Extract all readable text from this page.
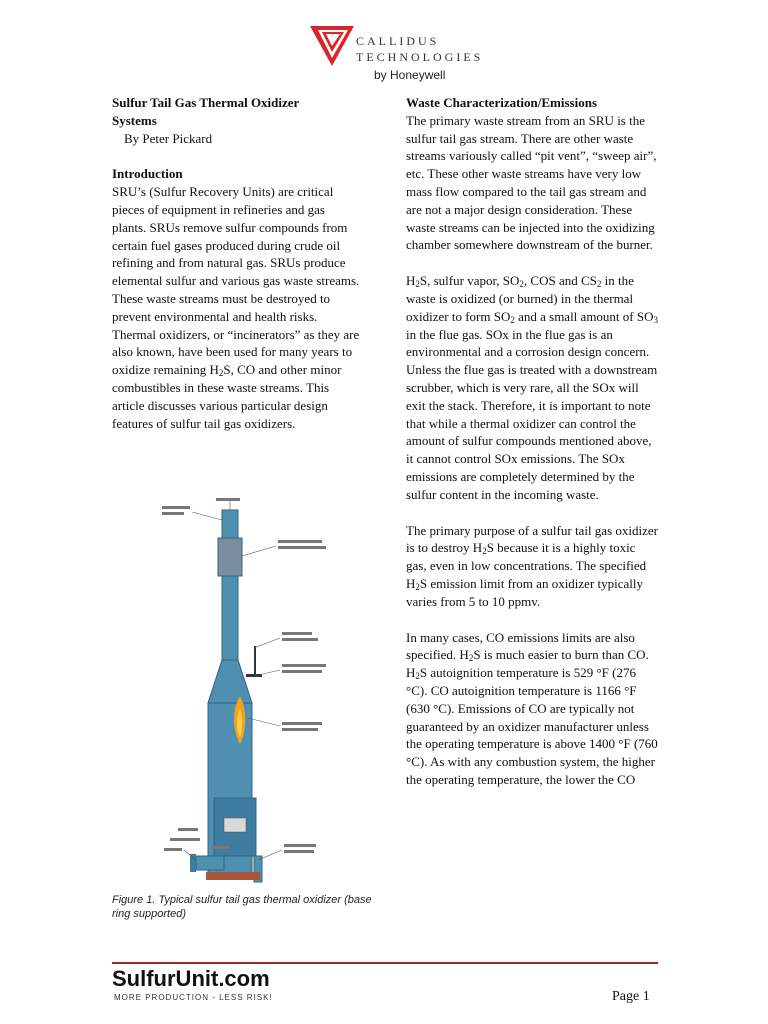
CALLIDUS
TECHNOLOGIES
by Honeywell

Sulfur Tail Gas Thermal Oxidizer

Systems

By Peter Pickard

Introduction

SRU’s (Sulfur Recovery Units) are critical pieces of equipment in refineries and gas plants. SRUs remove sulfur compounds from certain fuel gases produced during crude oil refining and from natural gas. SRUs produce elemental sulfur and various gas waste streams. These waste streams must be destroyed to prevent environmental and health risks. Thermal oxidizers, or “incinerators” as they are also known, have been used for many years to oxidize remaining $H_2S$, CO and other minor combustibles in these waste streams. This article discusses various particular design features of sulfur tail gas oxidizers.

Figure 1. Typical sulfur tail gas thermal oxidizer (base ring supported)

Waste Characterization/Emissions

The primary waste stream from an SRU is the sulfur tail gas stream. There are other waste streams variously called “pit vent”, “sweep air”, etc. These other waste streams have very low mass flow compared to the tail gas stream and are not a major design consideration. These waste streams can be injected into the oxidizing chamber somewhere downstream of the burner.

$H_2S$, sulfur vapor, $SO_2$, COS and $CS_2$ in the waste is oxidized (or burned) in the thermal oxidizer to form $SO_2$ and a small amount of $SO_3$ in the flue gas. SOx in the flue gas is an environmental and a corrosion design concern. Unless the flue gas is treated with a downstream scrubber, which is very rare, all the SOx will exit the stack. Therefore, it is important to note that while a thermal oxidizer can control the amount of sulfur compounds mentioned above, it cannot control SOx emissions. The SOx emissions are completely determined by the sulfur content in the incoming waste.

The primary purpose of a sulfur tail gas oxidizer is to destroy $H_2S$ because it is a highly toxic gas, even in low concentrations. The specified $H_2S$ emission limit from an oxidizer typically varies from 5 to 10 ppmv.

In many cases, CO emissions limits are also specified. $H_2S$ is much easier to burn than CO. $H_2S$ autoignition temperature is 529 °F (276 °C). CO autoignition temperature is 1166 °F (630 °C). Emissions of CO are typically not guaranteed by an oxidizer manufacturer unless the operating temperature is above 1400 °F (760 °C). As with any combustion system, the higher the operating temperature, the lower the CO

SulfurUnit.com
MORE PRODUCTION - LESS RISK!	Page 1
